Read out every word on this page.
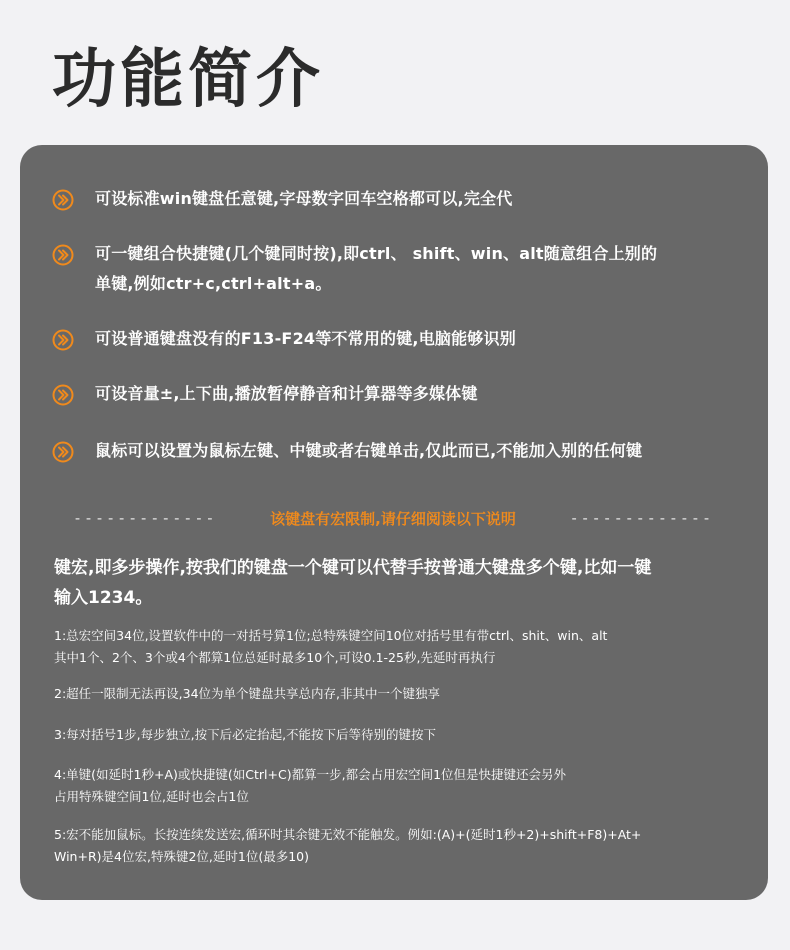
功能简介
可设标准win键盘任意键,字母数字回车空格都可以,完全代
可一键组合快捷键(几个键同时按),即ctrl、 shift、win、alt随意组合上别的
单键,例如ctr+c,ctrl+alt+a。
可设普通键盘没有的F13-F24等不常用的键,电脑能够识别
可设音量±,上下曲,播放暂停静音和计算器等多媒体键
鼠标可以设置为鼠标左键、中键或者右键单击,仅此而已,不能加入别的任何键
-------------	该键盘有宏限制,请仔细阅读以下说明	-------------
键宏,即多步操作,按我们的键盘一个键可以代替手按普通大键盘多个键,比如一键
输入1234。
1:总宏空间34位,设置软件中的一对括号算1位;总特殊键空间10位对括号里有带ctrl、shit、win、alt
其中1个、2个、3个或4个都算1位总延时最多10个,可设0.1-25秒,先延时再执行
2:超任一限制无法再设,34位为单个键盘共享总内存,非其中一个键独享
3:每对括号1步,每步独立,按下后必定抬起,不能按下后等待别的键按下
4:单键(如延时1秒+A)或快捷键(如Ctrl+C)都算一步,都会占用宏空间1位但是快捷键还会另外
占用特殊键空间1位,延时也会占1位
5:宏不能加鼠标。长按连续发送宏,循环时其余键无效不能触发。例如:(A)+(延时1秒+2)+shift+F8)+At+
Win+R)是4位宏,特殊键2位,延时1位(最多10)
